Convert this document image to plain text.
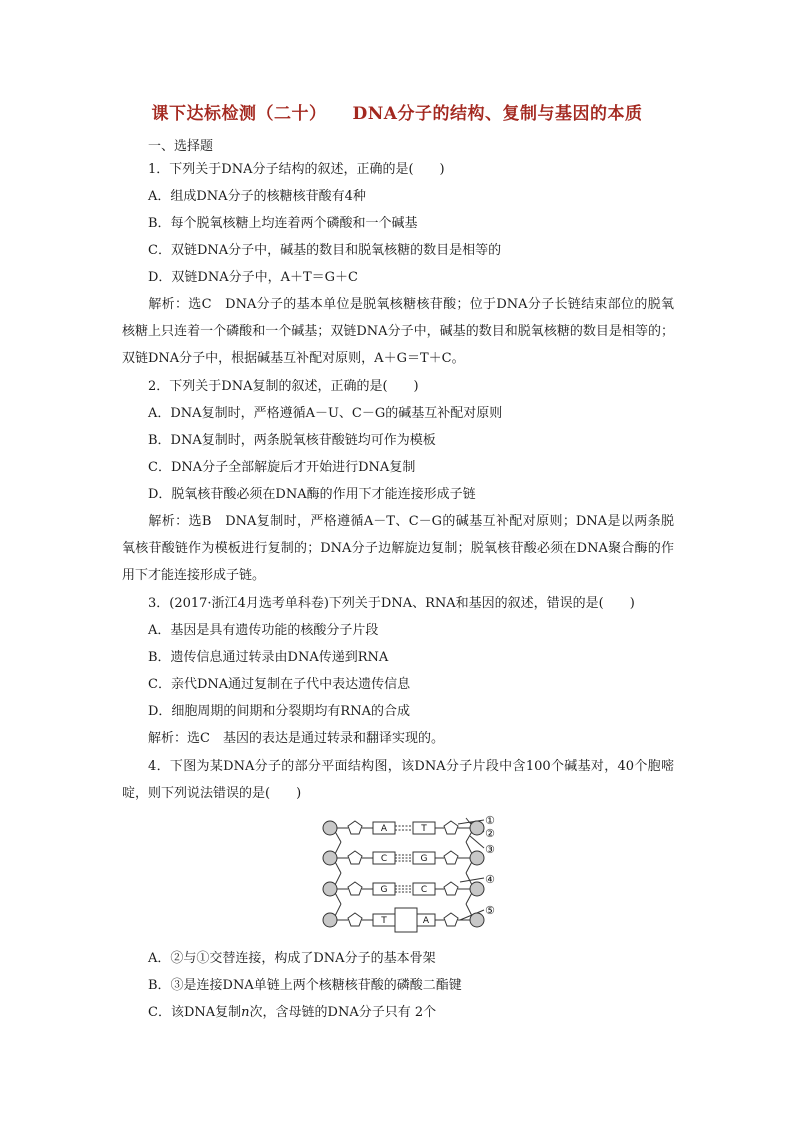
课下达标检测（二十） DNA分子的结构、复制与基因的本质
一、选择题
1．下列关于DNA分子结构的叙述，正确的是(　　)
A．组成DNA分子的核糖核苷酸有4种
B．每个脱氧核糖上均连着两个磷酸和一个碱基
C．双链DNA分子中，碱基的数目和脱氧核糖的数目是相等的
D．双链DNA分子中，A＋T＝G＋C
解析：选C　DNA分子的基本单位是脱氧核糖核苷酸；位于DNA分子长链结束部位的脱氧核糖上只连着一个磷酸和一个碱基；双链DNA分子中，碱基的数目和脱氧核糖的数目是相等的；双链DNA分子中，根据碱基互补配对原则，A＋G＝T＋C。
2．下列关于DNA复制的叙述，正确的是(　　)
A．DNA复制时，严格遵循A－U、C－G的碱基互补配对原则
B．DNA复制时，两条脱氧核苷酸链均可作为模板
C．DNA分子全部解旋后才开始进行DNA复制
D．脱氧核苷酸必须在DNA酶的作用下才能连接形成子链
解析：选B　DNA复制时，严格遵循A－T、C－G的碱基互补配对原则；DNA是以两条脱氧核苷酸链作为模板进行复制的；DNA分子边解旋边复制；脱氧核苷酸必须在DNA聚合酶的作用下才能连接形成子链。
3．(2017·浙江4月选考单科卷)下列关于DNA、RNA和基因的叙述，错误的是(　　)
A．基因是具有遗传功能的核酸分子片段
B．遗传信息通过转录由DNA传递到RNA
C．亲代DNA通过复制在子代中表达遗传信息
D．细胞周期的间期和分裂期均有RNA的合成
解析：选C　基因的表达是通过转录和翻译实现的。
4．下图为某DNA分子的部分平面结构图，该DNA分子片段中含100个碱基对，40个胞嘧啶，则下列说法错误的是(　　)
A
C
G
T
T
G
C
A
①
②
③
④
⑤
A．②与①交替连接，构成了DNA分子的基本骨架
B．③是连接DNA单链上两个核糖核苷酸的磷酸二酯键
C．该DNA复制n次，含母链的DNA分子只有 2个
